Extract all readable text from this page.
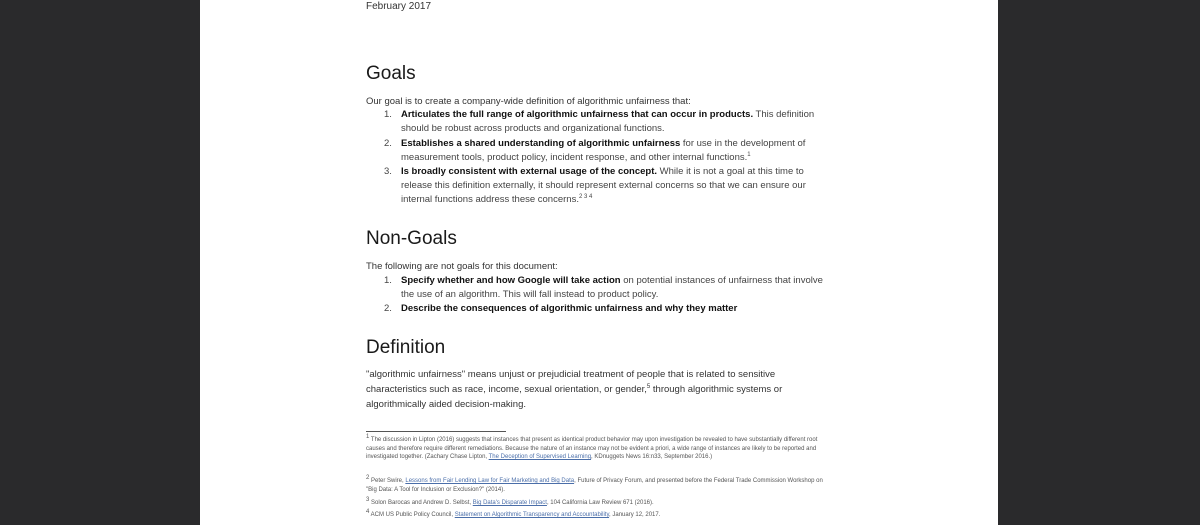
February 2017
Goals
Our goal is to create a company-wide definition of algorithmic unfairness that:
1. Articulates the full range of algorithmic unfairness that can occur in products. This definition should be robust across products and organizational functions.
2. Establishes a shared understanding of algorithmic unfairness for use in the development of measurement tools, product policy, incident response, and other internal functions.$^1$
3. Is broadly consistent with external usage of the concept. While it is not a goal at this time to release this definition externally, it should represent external concerns so that we can ensure our internal functions address these concerns.$^{2 3 4}$
Non-Goals
The following are not goals for this document:
1. Specify whether and how Google will take action on potential instances of unfairness that involve the use of an algorithm. This will fall instead to product policy.
2. Describe the consequences of algorithmic unfairness and why they matter
Definition
"algorithmic unfairness" means unjust or prejudicial treatment of people that is related to sensitive characteristics such as race, income, sexual orientation, or gender,$^5$ through algorithmic systems or algorithmically aided decision-making.
$^1$ The discussion in Lipton (2016) suggests that instances that present as identical product behavior may upon investigation be revealed to have substantially different root causes and therefore require different remediations. Because the nature of an instance may not be evident a priori, a wide range of instances are likely to be reported and investigated together. (Zachary Chase Lipton, The Deception of Supervised Learning, KDnuggets News 16:n33, September 2016.)
$^2$ Peter Swire, Lessons from Fair Lending Law for Fair Marketing and Big Data, Future of Privacy Forum, and presented before the Federal Trade Commission Workshop on "Big Data: A Tool for Inclusion or Exclusion?" (2014).
$^3$ Solon Barocas and Andrew D. Selbst, Big Data's Disparate Impact, 104 California Law Review 671 (2016).
$^4$ ACM US Public Policy Council, Statement on Algorithmic Transparency and Accountability, January 12, 2017.
